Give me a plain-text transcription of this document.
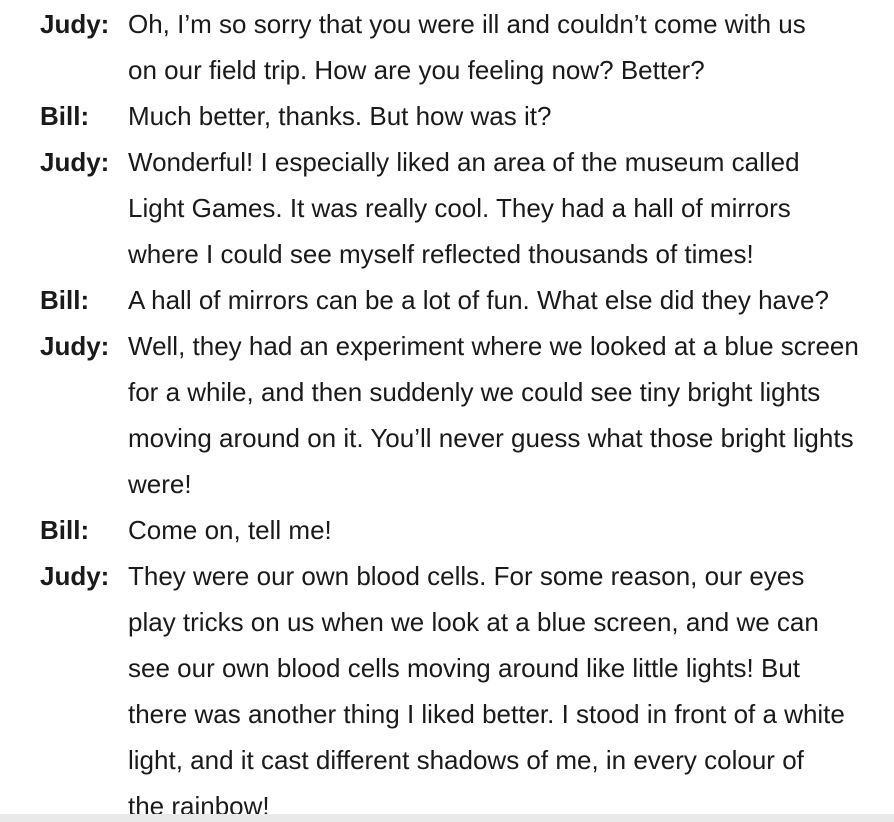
Judy: Oh, I’m so sorry that you were ill and couldn’t come with us
on our field trip. How are you feeling now? Better?
Bill:	Much better, thanks. But how was it?
Judy: Wonderful! I especially liked an area of the museum called
Light Games. It was really cool. They had a hall of mirrors
where I could see myself reflected thousands of times!
Bill:	A hall of mirrors can be a lot of fun. What else did they have?
Judy: Well, they had an experiment where we looked at a blue screen
for a while, and then suddenly we could see tiny bright lights
moving around on it. You’ll never guess what those bright lights
were!
Bill:	Come on, tell me!
Judy: They were our own blood cells. For some reason, our eyes
play tricks on us when we look at a blue screen, and we can
see our own blood cells moving around like little lights! But
there was another thing I liked better. I stood in front of a white
light, and it cast different shadows of me, in every colour of
the rainbow!
